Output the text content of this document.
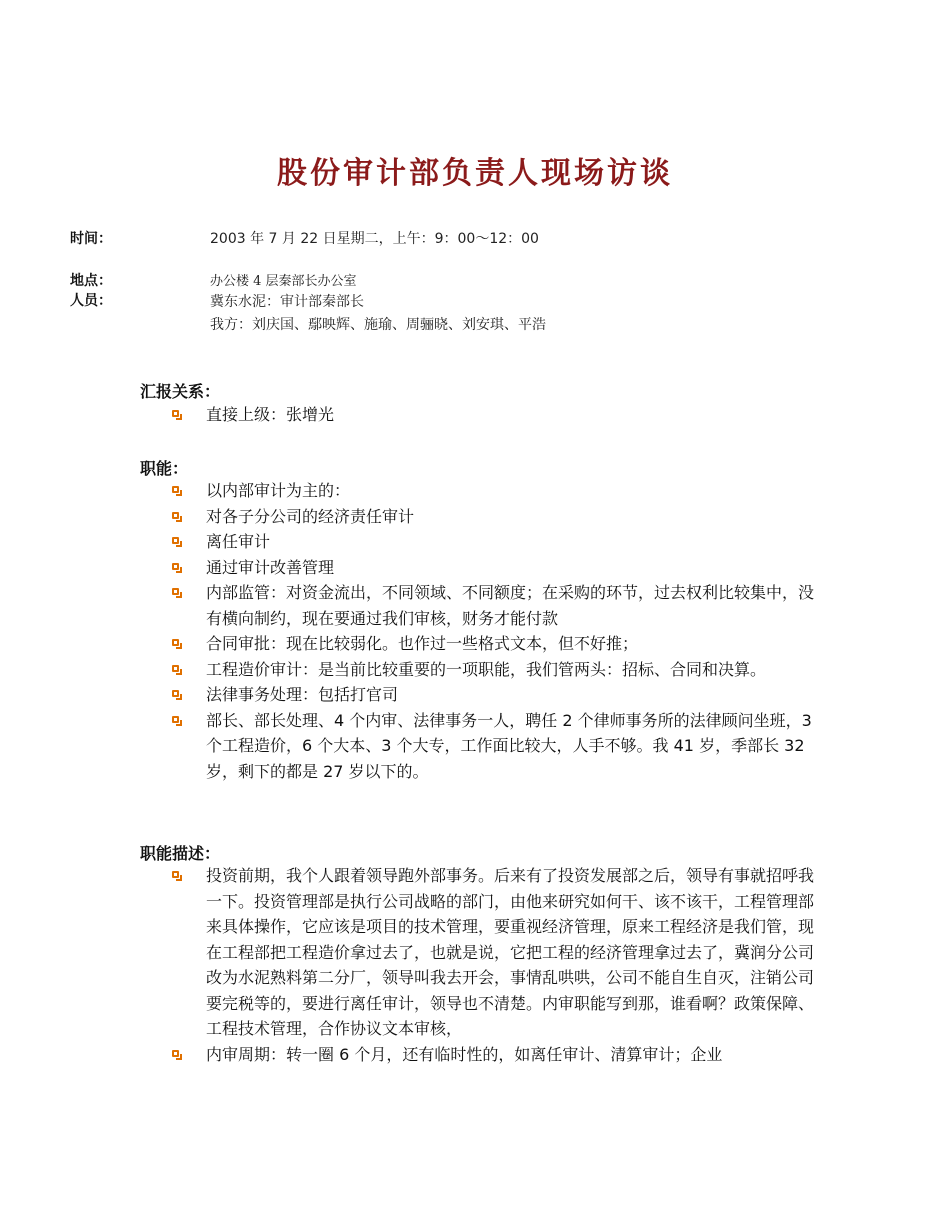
股份审计部负责人现场访谈
时间：	2003 年 7 月 22 日星期二，上午：9：00～12：00
地点：	办公楼 4 层秦部长办公室
人员：	冀东水泥：审计部秦部长
我方：刘庆国、鄢映辉、施瑜、周骊晓、刘安琪、平浩
汇报关系：
直接上级：张增光
职能：
以内部审计为主的：
对各子分公司的经济责任审计
离任审计
通过审计改善管理
内部监管：对资金流出，不同领域、不同额度；在采购的环节，过去权利比较集中，没有横向制约，现在要通过我们审核，财务才能付款
合同审批：现在比较弱化。也作过一些格式文本，但不好推；
工程造价审计：是当前比较重要的一项职能，我们管两头：招标、合同和决算。
法律事务处理：包括打官司
部长、部长处理、4 个内审、法律事务一人，聘任 2 个律师事务所的法律顾问坐班，3 个工程造价，6 个大本、3 个大专，工作面比较大，人手不够。我 41 岁，季部长 32 岁，剩下的都是 27 岁以下的。
职能描述：
投资前期，我个人跟着领导跑外部事务。后来有了投资发展部之后，领导有事就招呼我一下。投资管理部是执行公司战略的部门，由他来研究如何干、该不该干，工程管理部来具体操作，它应该是项目的技术管理，要重视经济管理，原来工程经济是我们管，现在工程部把工程造价拿过去了，也就是说，它把工程的经济管理拿过去了，冀润分公司改为水泥熟料第二分厂，领导叫我去开会，事情乱哄哄，公司不能自生自灭，注销公司要完税等的，要进行离任审计，领导也不清楚。内审职能写到那，谁看啊？政策保障、工程技术管理，合作协议文本审核，
内审周期：转一圈 6 个月，还有临时性的，如离任审计、清算审计；企业
